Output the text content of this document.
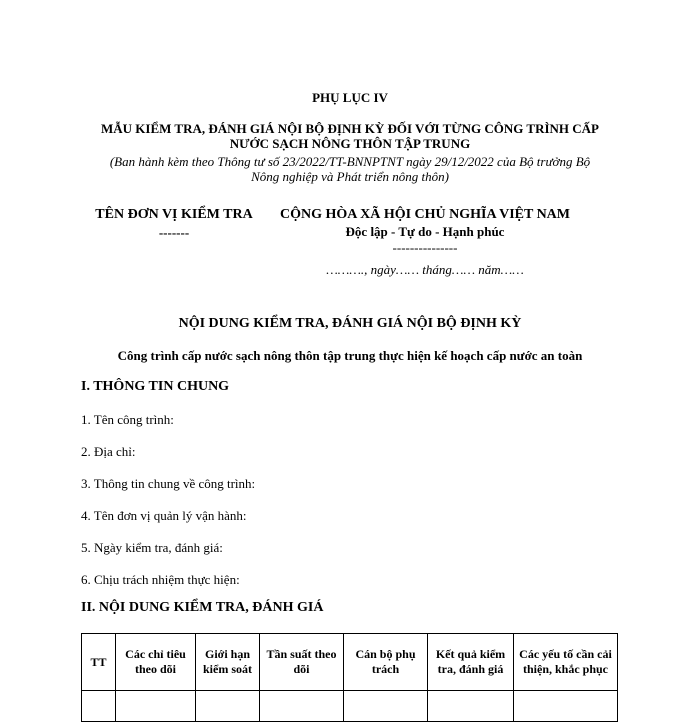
PHỤ LỤC IV
MẪU KIỂM TRA, ĐÁNH GIÁ NỘI BỘ ĐỊNH KỲ ĐỐI VỚI TỪNG CÔNG TRÌNH CẤP
NƯỚC SẠCH NÔNG THÔN TẬP TRUNG
(Ban hành kèm theo Thông tư số 23/2022/TT-BNNPTNT ngày 29/12/2022 của Bộ trưởng Bộ
Nông nghiệp và Phát triển nông thôn)
TÊN ĐƠN VỊ KIỂM TRA
-------
CỘNG HÒA XÃ HỘI CHỦ NGHĨA VIỆT NAM
Độc lập - Tự do - Hạnh phúc
---------------
………., ngày…… tháng…… năm……
NỘI DUNG KIỂM TRA, ĐÁNH GIÁ NỘI BỘ ĐỊNH KỲ
Công trình cấp nước sạch nông thôn tập trung thực hiện kế hoạch cấp nước an toàn
I. THÔNG TIN CHUNG
1. Tên công trình:
2. Địa chỉ:
3. Thông tin chung về công trình:
4. Tên đơn vị quản lý vận hành:
5. Ngày kiểm tra, đánh giá:
6. Chịu trách nhiệm thực hiện:
II. NỘI DUNG KIỂM TRA, ĐÁNH GIÁ
TT	Các chỉ tiêu theo dõi	Giới hạn kiểm soát	Tần suất theo dõi	Cán bộ phụ trách	Kết quả kiểm tra, đánh giá	Các yếu tố cần cải thiện, khắc phục
